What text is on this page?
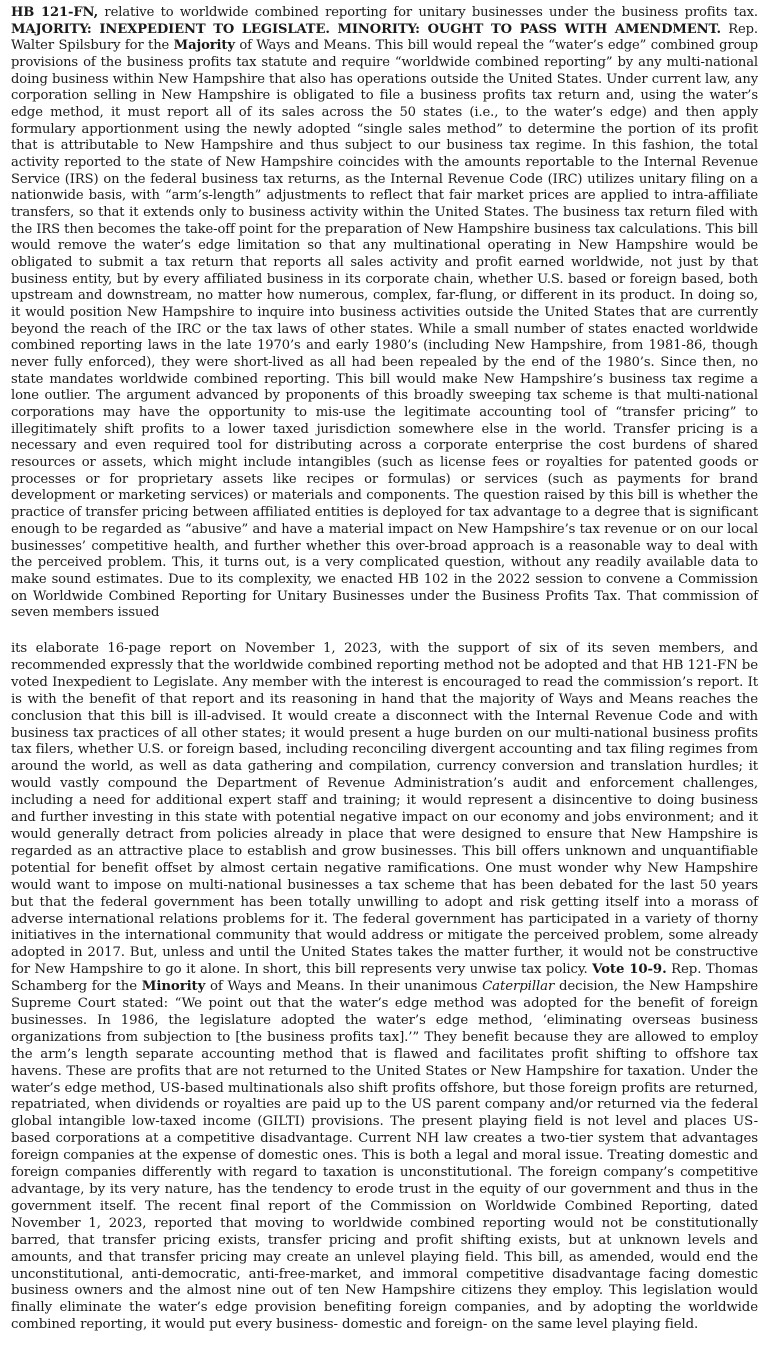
HB 121-FN, relative to worldwide combined reporting for unitary businesses under the business profits tax. MAJORITY: INEXPEDIENT TO LEGISLATE. MINORITY: OUGHT TO PASS WITH AMENDMENT. Rep. Walter Spilsbury for the Majority of Ways and Means. This bill would repeal the “water’s edge” combined group provisions of the business profits tax statute and require “worldwide combined reporting” by any multi-national doing business within New Hampshire that also has operations outside the United States. Under current law, any corporation selling in New Hampshire is obligated to file a business profits tax return and, using the water’s edge method, it must report all of its sales across the 50 states (i.e., to the water’s edge) and then apply formulary apportionment using the newly adopted “single sales method” to determine the portion of its profit that is attributable to New Hampshire and thus subject to our business tax regime. In this fashion, the total activity reported to the state of New Hampshire coincides with the amounts reportable to the Internal Revenue Service (IRS) on the federal business tax returns, as the Internal Revenue Code (IRC) utilizes unitary filing on a nationwide basis, with “arm’s-length” adjustments to reflect that fair market prices are applied to intra-affiliate transfers, so that it extends only to business activity within the United States. The business tax return filed with the IRS then becomes the take-off point for the preparation of New Hampshire business tax calculations. This bill would remove the water’s edge limitation so that any multinational operating in New Hampshire would be obligated to submit a tax return that reports all sales activity and profit earned worldwide, not just by that business entity, but by every affiliated business in its corporate chain, whether U.S. based or foreign based, both upstream and downstream, no matter how numerous, complex, far-flung, or different in its product. In doing so, it would position New Hampshire to inquire into business activities outside the United States that are currently beyond the reach of the IRC or the tax laws of other states. While a small number of states enacted worldwide combined reporting laws in the late 1970’s and early 1980’s (including New Hampshire, from 1981-86, though never fully enforced), they were short-lived as all had been repealed by the end of the 1980’s. Since then, no state mandates worldwide combined reporting. This bill would make New Hampshire’s business tax regime a lone outlier. The argument advanced by proponents of this broadly sweeping tax scheme is that multi-national corporations may have the opportunity to mis-use the legitimate accounting tool of “transfer pricing” to illegitimately shift profits to a lower taxed jurisdiction somewhere else in the world. Transfer pricing is a necessary and even required tool for distributing across a corporate enterprise the cost burdens of shared resources or assets, which might include intangibles (such as license fees or royalties for patented goods or processes or for proprietary assets like recipes or formulas) or services (such as payments for brand development or marketing services) or materials and components. The question raised by this bill is whether the practice of transfer pricing between affiliated entities is deployed for tax advantage to a degree that is significant enough to be regarded as “abusive” and have a material impact on New Hampshire’s tax revenue or on our local businesses’ competitive health, and further whether this over-broad approach is a reasonable way to deal with the perceived problem. This, it turns out, is a very complicated question, without any readily available data to make sound estimates. Due to its complexity, we enacted HB 102 in the 2022 session to convene a Commission on Worldwide Combined Reporting for Unitary Businesses under the Business Profits Tax. That commission of seven members issued
its elaborate 16-page report on November 1, 2023, with the support of six of its seven members, and recommended expressly that the worldwide combined reporting method not be adopted and that HB 121-FN be voted Inexpedient to Legislate. Any member with the interest is encouraged to read the commission’s report. It is with the benefit of that report and its reasoning in hand that the majority of Ways and Means reaches the conclusion that this bill is ill-advised. It would create a disconnect with the Internal Revenue Code and with business tax practices of all other states; it would present a huge burden on our multi-national business profits tax filers, whether U.S. or foreign based, including reconciling divergent accounting and tax filing regimes from around the world, as well as data gathering and compilation, currency conversion and translation hurdles; it would vastly compound the Department of Revenue Administration’s audit and enforcement challenges, including a need for additional expert staff and training; it would represent a disincentive to doing business and further investing in this state with potential negative impact on our economy and jobs environment; and it would generally detract from policies already in place that were designed to ensure that New Hampshire is regarded as an attractive place to establish and grow businesses. This bill offers unknown and unquantifiable potential for benefit offset by almost certain negative ramifications. One must wonder why New Hampshire would want to impose on multi-national businesses a tax scheme that has been debated for the last 50 years but that the federal government has been totally unwilling to adopt and risk getting itself into a morass of adverse international relations problems for it. The federal government has participated in a variety of thorny initiatives in the international community that would address or mitigate the perceived problem, some already adopted in 2017. But, unless and until the United States takes the matter further, it would not be constructive for New Hampshire to go it alone. In short, this bill represents very unwise tax policy. Vote 10-9. Rep. Thomas Schamberg for the Minority of Ways and Means. In their unanimous Caterpillar decision, the New Hampshire Supreme Court stated: “We point out that the water’s edge method was adopted for the benefit of foreign businesses. In 1986, the legislature adopted the water’s edge method, ‘eliminating overseas business organizations from subjection to [the business profits tax].’” They benefit because they are allowed to employ the arm’s length separate accounting method that is flawed and facilitates profit shifting to offshore tax havens. These are profits that are not returned to the United States or New Hampshire for taxation. Under the water’s edge method, US-based multinationals also shift profits offshore, but those foreign profits are returned, repatriated, when dividends or royalties are paid up to the US parent company and/or returned via the federal global intangible low-taxed income (GILTI) provisions. The present playing field is not level and places US-based corporations at a competitive disadvantage. Current NH law creates a two-tier system that advantages foreign companies at the expense of domestic ones. This is both a legal and moral issue. Treating domestic and foreign companies differently with regard to taxation is unconstitutional. The foreign company’s competitive advantage, by its very nature, has the tendency to erode trust in the equity of our government and thus in the government itself. The recent final report of the Commission on Worldwide Combined Reporting, dated November 1, 2023, reported that moving to worldwide combined reporting would not be constitutionally barred, that transfer pricing exists, transfer pricing and profit shifting exists, but at unknown levels and amounts, and that transfer pricing may create an unlevel playing field. This bill, as amended, would end the unconstitutional, anti-democratic, anti-free-market, and immoral competitive disadvantage facing domestic business owners and the almost nine out of ten New Hampshire citizens they employ. This legislation would finally eliminate the water’s edge provision benefiting foreign companies, and by adopting the worldwide combined reporting, it would put every business- domestic and foreign- on the same level playing field.
